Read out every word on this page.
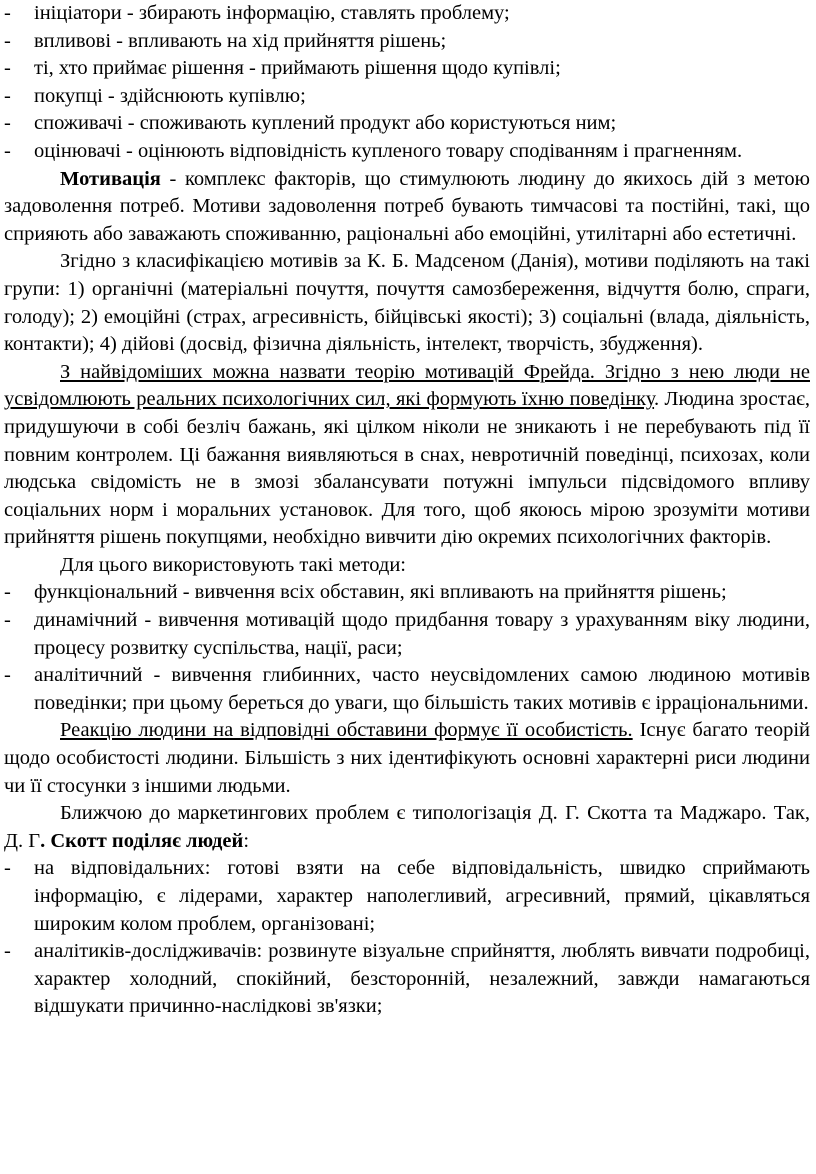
-	ініціатори - збирають інформацію, ставлять проблему;
-	впливові - впливають на хід прийняття рішень;
-	ті, хто приймає рішення - приймають рішення щодо купівлі;
-	покупці - здійснюють купівлю;
-	споживачі - споживають куплений продукт або користуються ним;
-	оцінювачі - оцінюють відповідність купленого товару сподіванням і прагненням.

Мотивація - комплекс факторів, що стимулюють людину до якихось дій з метою задоволення потреб. Мотиви задоволення потреб бувають тимчасові та постійні, такі, що сприяють або заважають споживанню, раціональні або емоційні, утилітарні або естетичні.

Згідно з класифікацією мотивів за К. Б. Мадсеном (Данія), мотиви поділяють на такі групи: 1) органічні (матеріальні почуття, почуття самозбереження, відчуття болю, спраги, голоду); 2) емоційні (страх, агресивність, бійцівські якості); 3) соціальні (влада, діяльність, контакти); 4) дійові (досвід, фізична діяльність, інтелект, творчість, збудження).

З найвідоміших можна назвати теорію мотивацій Фрейда. Згідно з нею люди не усвідомлюють реальних психологічних сил, які формують їхню поведінку. Людина зростає, придушуючи в собі безліч бажань, які цілком ніколи не зникають і не перебувають під її повним контролем. Ці бажання виявляються в снах, невротичній поведінці, психозах, коли людська свідомість не в змозі збалансувати потужні імпульси підсвідомого впливу соціальних норм і моральних установок. Для того, щоб якоюсь мірою зрозуміти мотиви прийняття рішень покупцями, необхідно вивчити дію окремих психологічних факторів.

Для цього використовують такі методи:

-	функціональний - вивчення всіх обставин, які впливають на прийняття рішень;
-	динамічний - вивчення мотивацій щодо придбання товару з урахуванням віку людини, процесу розвитку суспільства, нації, раси;
-	аналітичний - вивчення глибинних, часто неусвідомлених самою людиною мотивів поведінки; при цьому береться до уваги, що більшість таких мотивів є ірраціональними.

Реакцію людини на відповідні обставини формує її особистість. Існує багато теорій щодо особистості людини. Більшість з них ідентифікують основні характерні риси людини чи її стосунки з іншими людьми.

Ближчою до маркетингових проблем є типологізація Д. Г. Скотта та Маджаро. Так, Д. Г. Скотт поділяє людей:

-	на відповідальних: готові взяти на себе відповідальність, швидко сприймають інформацію, є лідерами, характер наполегливий, агресивний, прямий, цікавляться широким колом проблем, організовані;
-	аналітиків-дослідживачів: розвинуте візуальне сприйняття, люблять вивчати подробиці, характер холодний, спокійний, безсторонній, незалежний, завжди намагаються відшукати причинно-наслідкові зв'язки;
